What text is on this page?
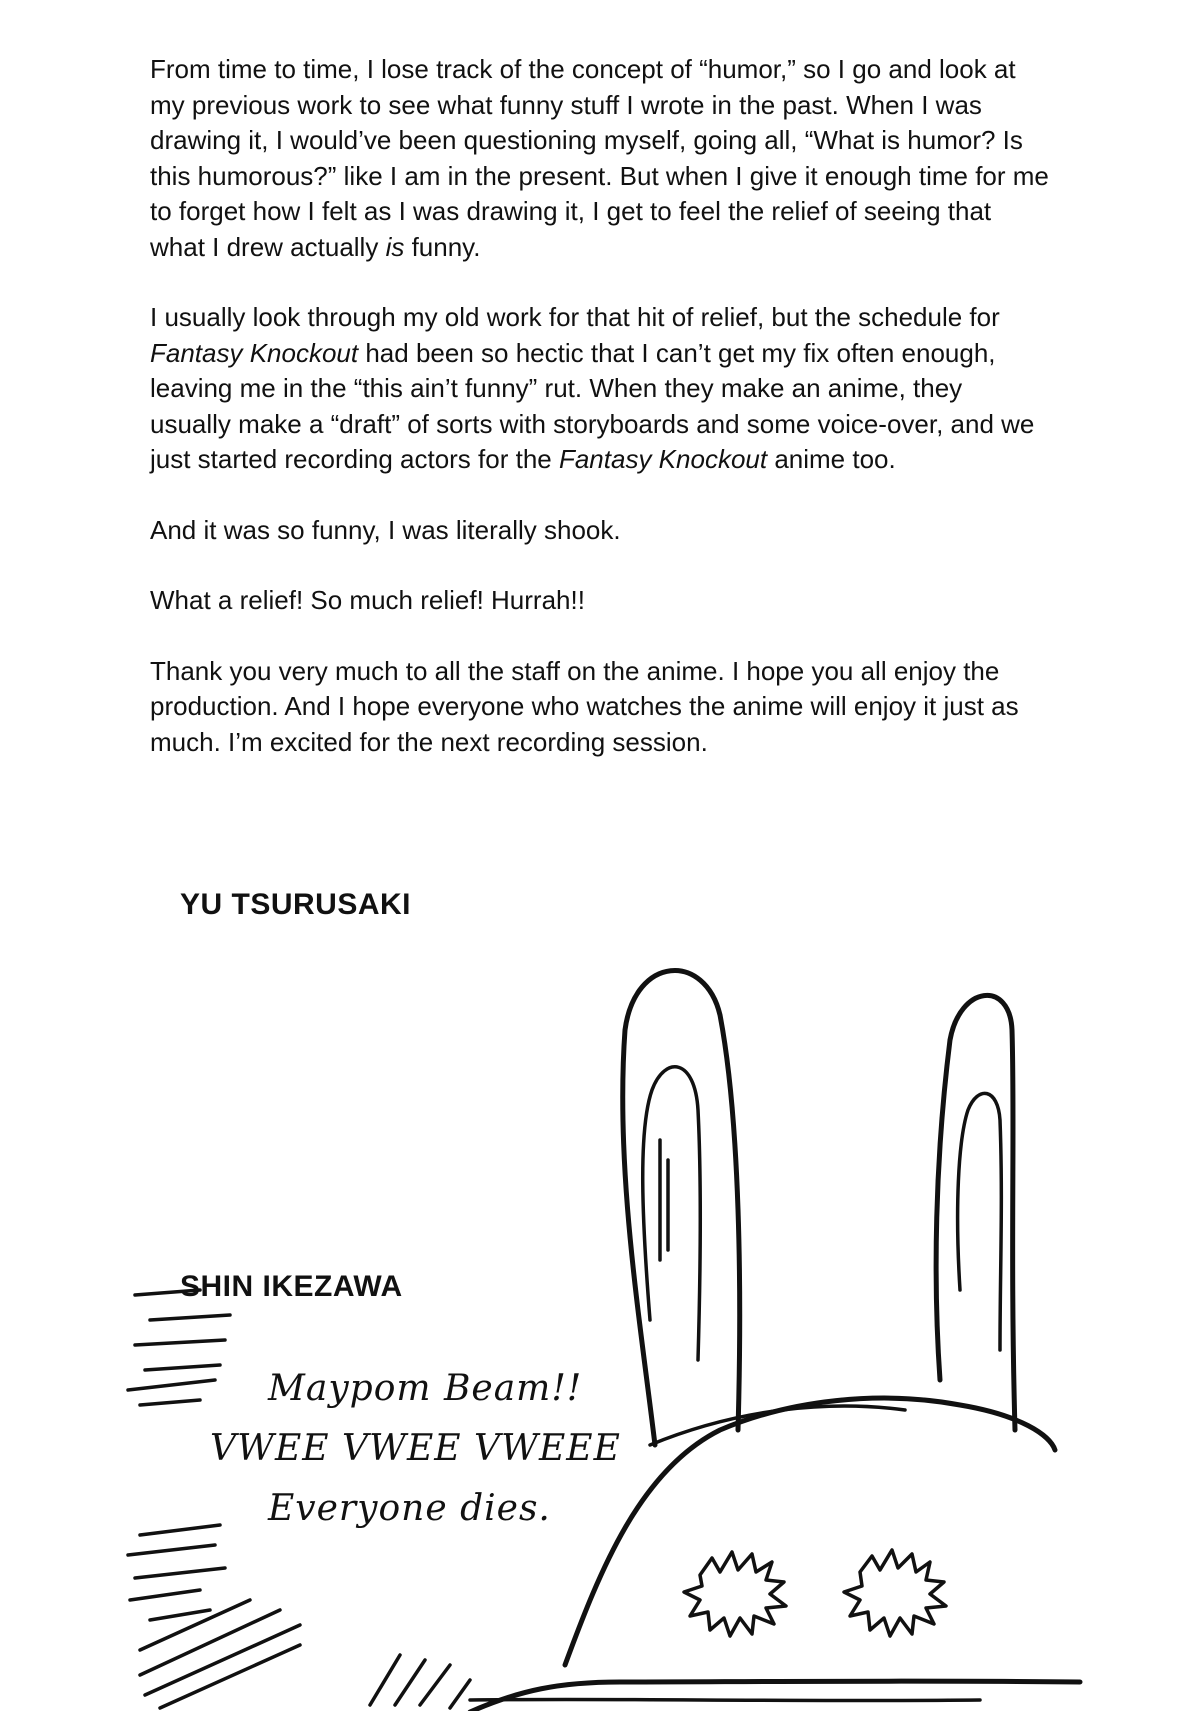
From time to time, I lose track of the concept of “humor,” so I go and look at my previous work to see what funny stuff I wrote in the past. When I was drawing it, I would’ve been questioning myself, going all, “What is humor? Is this humorous?” like I am in the present. But when I give it enough time for me to forget how I felt as I was drawing it, I get to feel the relief of seeing that what I drew actually is funny.

I usually look through my old work for that hit of relief, but the schedule for Fantasy Knockout had been so hectic that I can’t get my fix often enough, leaving me in the “this ain’t funny” rut. When they make an anime, they usually make a “draft” of sorts with storyboards and some voice-over, and we just started recording actors for the Fantasy Knockout anime too.

And it was so funny, I was literally shook.

What a relief! So much relief! Hurrah!!

Thank you very much to all the staff on the anime. I hope you all enjoy the production. And I hope everyone who watches the anime will enjoy it just as much. I’m excited for the next recording session.

YU TSURUSAKI
SHIN IKEZAWA
Maypom Beam!!
VWEE VWEE VWEEE
Everyone dies.
